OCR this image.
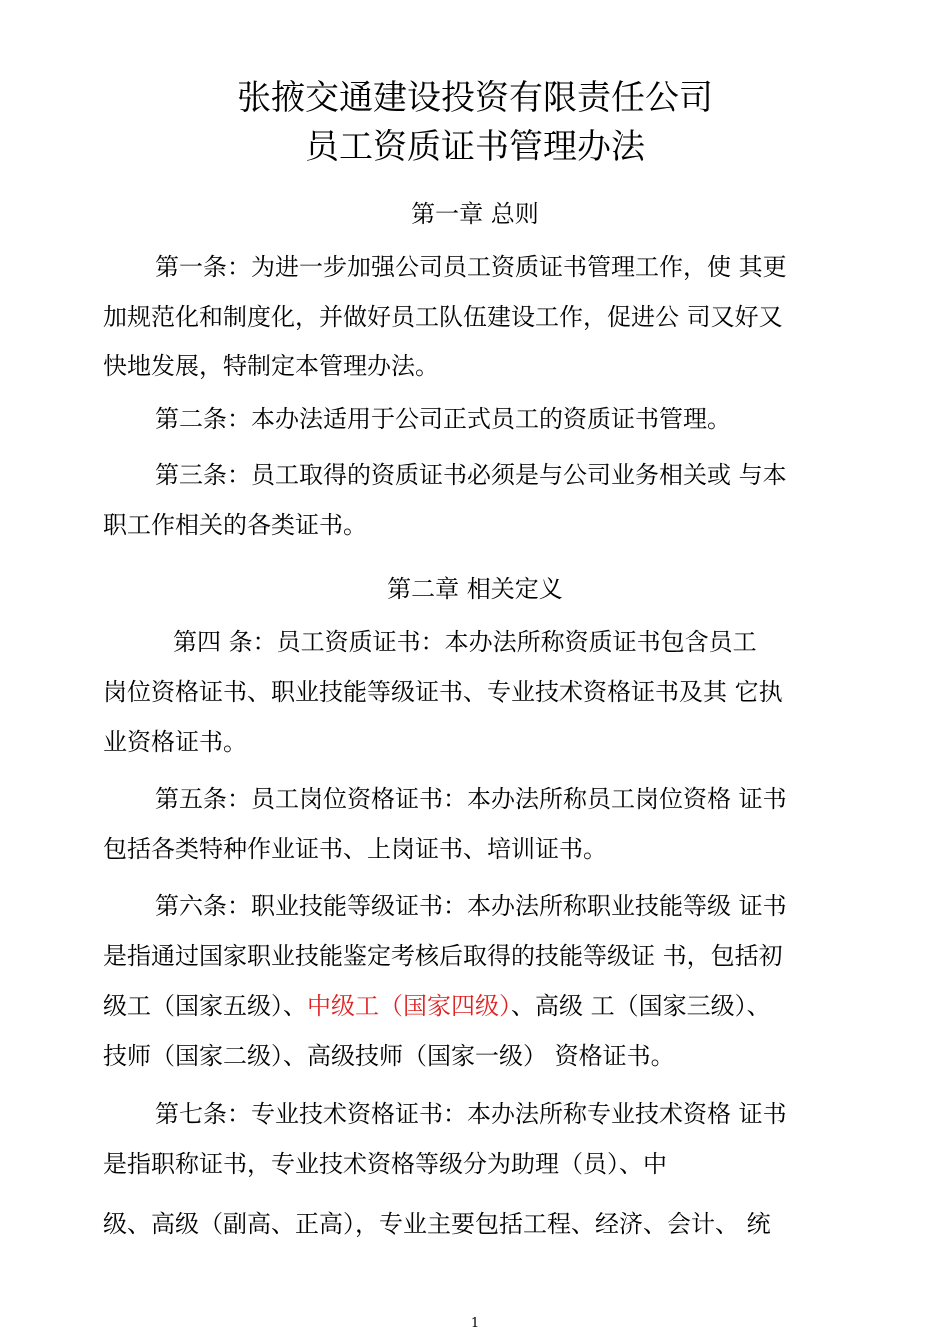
张掖交通建设投资有限责任公司
员工资质证书管理办法
第一章 总则
第一条：为进一步加强公司员工资质证书管理工作，使 其更
加规范化和制度化，并做好员工队伍建设工作，促进公 司又好又
快地发展，特制定本管理办法。
第二条：本办法适用于公司正式员工的资质证书管理。
第三条：员工取得的资质证书必须是与公司业务相关或 与本
职工作相关的各类证书。
第二章 相关定义
第四 条：员工资质证书：本办法所称资质证书包含员工
岗位资格证书、职业技能等级证书、专业技术资格证书及其 它执
业资格证书。
第五条：员工岗位资格证书：本办法所称员工岗位资格 证书
包括各类特种作业证书、上岗证书、培训证书。
第六条：职业技能等级证书：本办法所称职业技能等级 证书
是指通过国家职业技能鉴定考核后取得的技能等级证 书，包括初
级工（国家五级）、中级工（国家四级）、高级 工（国家三级）、
技师（国家二级）、高级技师（国家一级） 资格证书。
第七条：专业技术资格证书：本办法所称专业技术资格 证书
是指职称证书，专业技术资格等级分为助理（员）、中
级、高级（副高、正高），专业主要包括工程、经济、会计、 统
1
